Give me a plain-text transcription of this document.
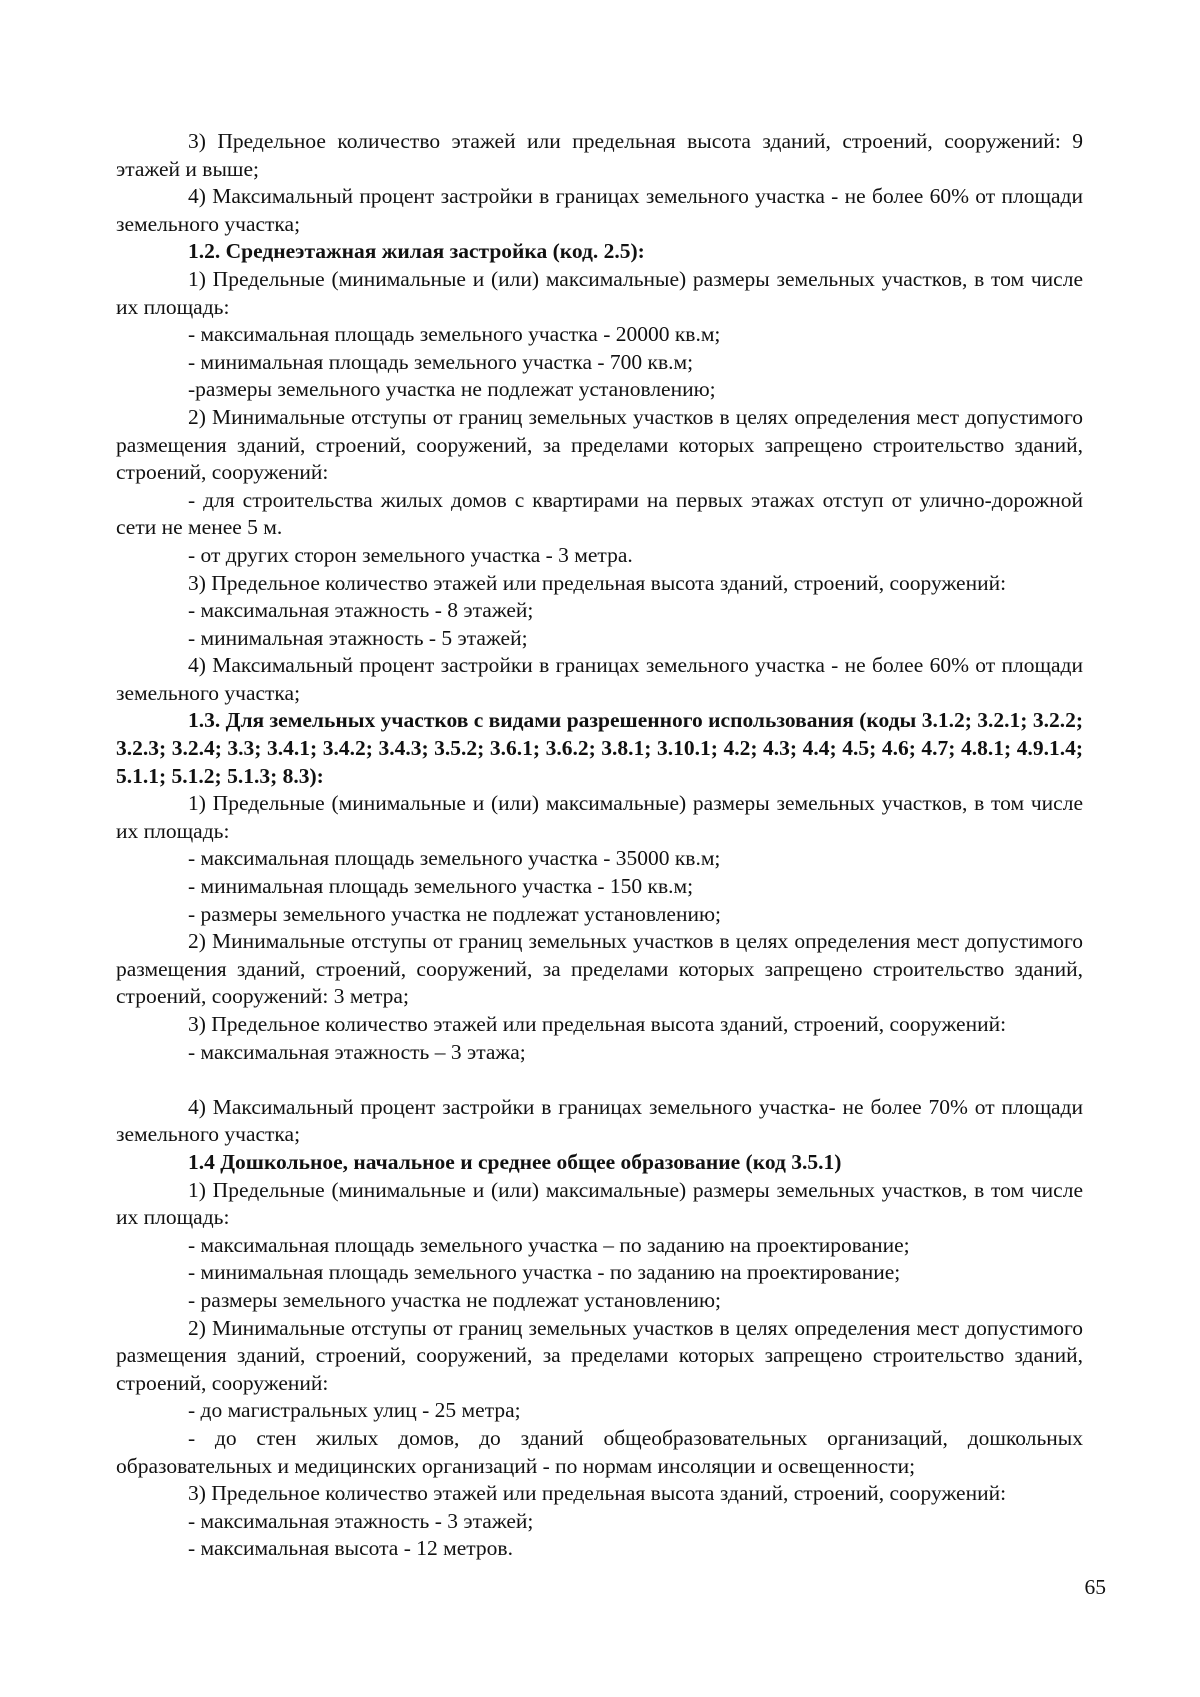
3) Предельное количество этажей или предельная высота зданий, строений, сооружений: 9 этажей и выше;

4) Максимальный процент застройки в границах земельного участка - не более 60% от площади земельного участка;

1.2. Среднеэтажная жилая застройка (код. 2.5):

1) Предельные (минимальные и (или) максимальные) размеры земельных участков, в том числе их площадь:

- максимальная площадь земельного участка - 20000 кв.м;

- минимальная площадь земельного участка - 700 кв.м;

-размеры земельного участка не подлежат установлению;

2) Минимальные отступы от границ земельных участков в целях определения мест допустимого размещения зданий, строений, сооружений, за пределами которых запрещено строительство зданий, строений, сооружений:

- для строительства жилых домов с квартирами на первых этажах отступ от улично-дорожной сети не менее 5 м.

- от других сторон земельного участка - 3 метра.

3) Предельное количество этажей или предельная высота зданий, строений, сооружений:

- максимальная этажность - 8 этажей;

- минимальная этажность - 5 этажей;

4) Максимальный процент застройки в границах земельного участка - не более 60% от площади земельного участка;

1.3. Для земельных участков с видами разрешенного использования (коды 3.1.2; 3.2.1; 3.2.2; 3.2.3; 3.2.4; 3.3; 3.4.1; 3.4.2; 3.4.3; 3.5.2; 3.6.1; 3.6.2; 3.8.1; 3.10.1; 4.2; 4.3; 4.4; 4.5; 4.6; 4.7; 4.8.1; 4.9.1.4; 5.1.1; 5.1.2; 5.1.3; 8.3):

1) Предельные (минимальные и (или) максимальные) размеры земельных участков, в том числе их площадь:

- максимальная площадь земельного участка - 35000 кв.м;

- минимальная площадь земельного участка - 150 кв.м;

- размеры земельного участка не подлежат установлению;

2) Минимальные отступы от границ земельных участков в целях определения мест допустимого размещения зданий, строений, сооружений, за пределами которых запрещено строительство зданий, строений, сооружений: 3 метра;

3) Предельное количество этажей или предельная высота зданий, строений, сооружений:

- максимальная этажность – 3 этажа;

4) Максимальный процент застройки в границах земельного участка- не более 70% от площади земельного участка;

1.4 Дошкольное, начальное и среднее общее образование (код 3.5.1)

1) Предельные (минимальные и (или) максимальные) размеры земельных участков, в том числе их площадь:

- максимальная площадь земельного участка – по заданию на проектирование;

- минимальная площадь земельного участка - по заданию на проектирование;

- размеры земельного участка не подлежат установлению;

2) Минимальные отступы от границ земельных участков в целях определения мест допустимого размещения зданий, строений, сооружений, за пределами которых запрещено строительство зданий, строений, сооружений:

- до магистральных улиц - 25 метра;

- до стен жилых домов, до зданий общеобразовательных организаций, дошкольных образовательных и медицинских организаций - по нормам инсоляции и освещенности;

3) Предельное количество этажей или предельная высота зданий, строений, сооружений:

- максимальная этажность - 3 этажей;

- максимальная высота - 12 метров.

65
